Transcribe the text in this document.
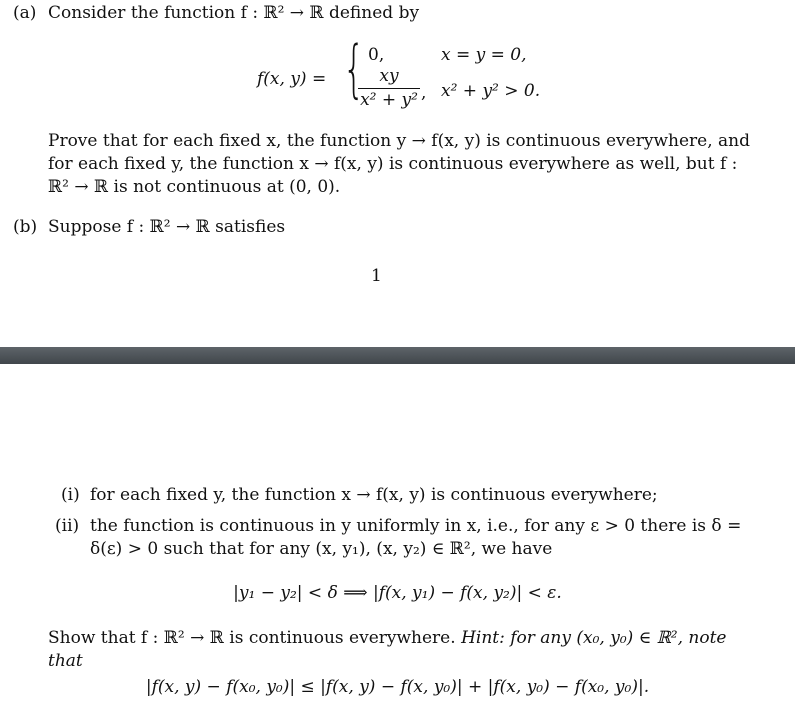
(a) Consider the function f : ℝ² → ℝ defined by
f(x, y) = { 0,	x = y = 0,
xy
x² + y² , x² + y² > 0.
Prove that for each fixed x, the function y → f(x, y) is continuous everywhere, and for each fixed y, the function x → f(x, y) is continuous everywhere as well, but f : ℝ² → ℝ is not continuous at (0, 0).
(b) Suppose f : ℝ² → ℝ satisfies
1
(i) for each fixed y, the function x → f(x, y) is continuous everywhere;
(ii) the function is continuous in y uniformly in x, i.e., for any ε > 0 there is δ = δ(ε) > 0 such that for any (x, y₁), (x, y₂) ∈ ℝ², we have
|y₁ − y₂| < δ ⟹ |f(x, y₁) − f(x, y₂)| < ε.
Show that f : ℝ² → ℝ is continuous everywhere. Hint: for any (x₀, y₀) ∈ ℝ², note that
|f(x, y) − f(x₀, y₀)| ≤ |f(x, y) − f(x, y₀)| + |f(x, y₀) − f(x₀, y₀)|.
